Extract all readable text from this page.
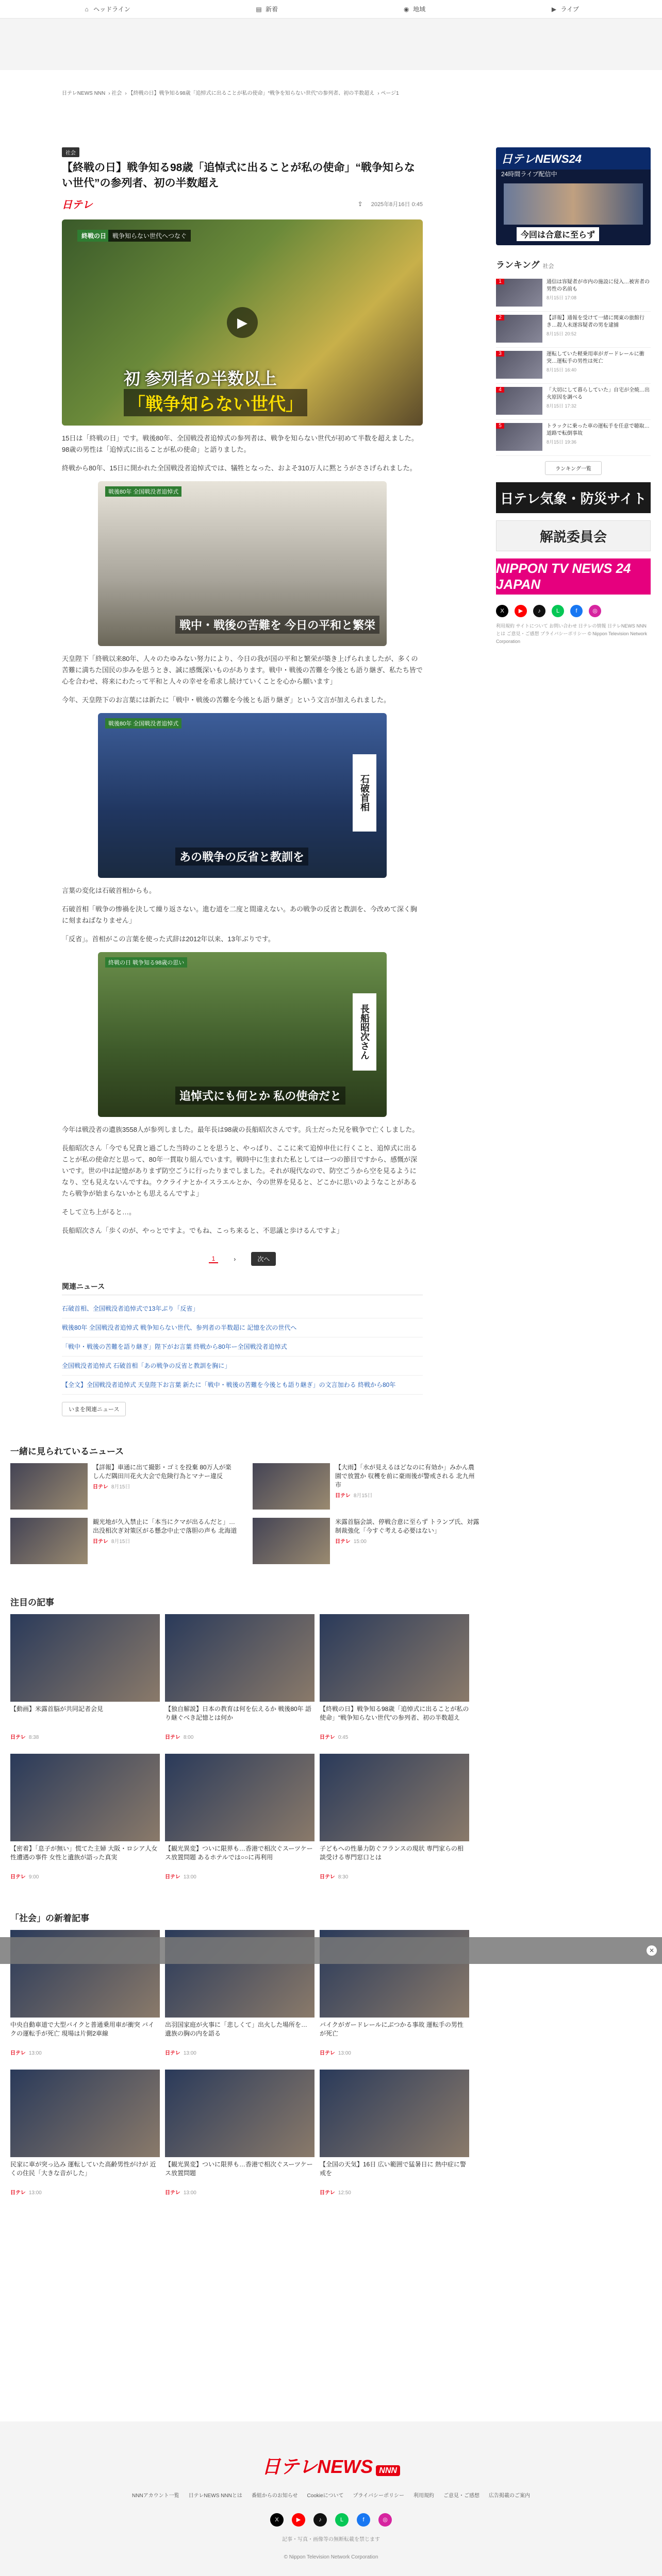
⌂ ヘッドライン	▤ 新着	◉ 地域	▶ ライブ
日テレNEWS NNN › 社会 › 【終戦の日】戦争知る98歳「追悼式に出ることが私の使命」“戦争を知らない世代”の参列者、初の半数超え › ページ1
社会
【終戦の日】戦争知る98歳「追悼式に出ることが私の使命」“戦争知らない世代”の参列者、初の半数超え
日テレ	⇪ 2025年8月16日 0:45
終戦の日 戦争知らない世代へつなぐ
▶
初 参列者の半数以上
「戦争知らない世代」

15日は「終戦の日」です。戦後80年、全国戦没者追悼式の参列者は、戦争を知らない世代が初めて半数を超えました。98歳の男性は「追悼式に出ることが私の使命」と語りました。

終戦から80年、15日に開かれた全国戦没者追悼式では、犠牲となった、およそ310万人に黙とうがささげられました。

戦後80年 全国戦没者追悼式
戦中・戦後の苦難を 今日の平和と繁栄

天皇陛下「終戦以来80年、人々のたゆみない努力により、今日の我が国の平和と繁栄が築き上げられましたが、多くの苦難に満ちた国民の歩みを思うとき、誠に感慨深いものがあります。戦中・戦後の苦難を今後とも語り継ぎ、私たち皆で心を合わせ、将来にわたって平和と人々の幸せを希求し続けていくことを心から願います」

今年、天皇陛下のお言葉には新たに「戦中・戦後の苦難を今後とも語り継ぎ」という文言が加えられました。

戦後80年 全国戦没者追悼式
石破首相
あの戦争の反省と教訓を

言葉の変化は石破首相からも。

石破首相「戦争の惨禍を決して繰り返さない。進む道を二度と間違えない。あの戦争の反省と教訓を、今改めて深く胸に刻まねばなりません」

「反省」。首相がこの言葉を使った式辞は2012年以来、13年ぶりです。

終戦の日 戦争知る98歳の思い
長船昭次さん
追悼式にも何とか 私の使命だと

今年は戦没者の遺族3558人が参列しました。最年長は98歳の長船昭次さんです。兵士だった兄を戦争で亡くしました。

長船昭次さん「今でも兄貴と過ごした当時のことを思うと、やっぱり、ここに来て追悼申仕に行くこと、追悼式に出ることが私の使命だと思って、80年一貫取り組んでいます。戦時中に生まれた私としてはーつの節目ですから、感慨が深いです。世の中は記憶がありまず防空ごうに行ったりまでしました。それが現代なので、防空ごうから空を見るようになり、空も見えないんですね。ウクライナとかイスラエルとか、今の世界を見ると、どこかに思いのようなことがあるたら戦争が始まらないかとも思えるんですよ」

そして立ち上がると…。

長船昭次さん「歩くのが、やっとですよ。でもね、こっち来ると、不思議と歩けるんですよ」

1	›	次へ
関連ニュース
石破首相、全国戦没者追悼式で13年ぶり「反省」
戦後80年 全国戦没者追悼式 戦争知らない世代、参列者の半数超に 記憶を次の世代へ
「戦中・戦後の苦難を語り継ぎ」陛下がお言葉 終戦から80年ー全国戦没者追悼式
全国戦没者追悼式 石破首相「あの戦争の反省と教訓を胸に」
【全文】全国戦没者追悼式 天皇陛下お言葉 新たに「戦中・戦後の苦難を今後とも語り継ぎ」の文言加わる 終戦から80年
いまを関連ニュース
日テレNEWS24
24時間ライブ配信中
今回は合意に至らず
ランキング 社会
1	通信は容疑者が市内の施設に侵入…被害者の男性の名前も
8月15日 17:08
2	【詳報】通報を受けて一緒に関東の旅館行き…殺人未遂容疑者の男を逮捕
8月15日 20:52
3	運転していた軽乗用車がガードレールに衝突…運転手の男性は死亡
8月15日 16:40
4	「大切にして暮らしていた」自宅が全焼…出火原因を調べる
8月15日 17:32
5	トラックに乗った車の運転手を任意で聴取…道路で転倒事故
8月15日 19:36
ランキング一覧
日テレ気象・防災サイト
解説委員会
NIPPON TV NEWS 24 JAPAN
X	▶	♪	L	f	◎
利用規約 サイトについて お問い合わせ 日テレの情報 日テレNEWS NNNとは ご意見・ご感想 プライバシーポリシー © Nippon Television Network Corporation
一緒に見られているニュース
【詳報】車通に出て撮影・ゴミを投棄 80万人が楽しんだ隅田川花火大会で危険行為とマナー違反
日テレ 8月15日
【大雨】「水が見えるほどなのに有効か」みかん農園で放置か 収穫を前に豪雨後が警戒される 北九州市
日テレ 8月15日
観光地が久入禁止に「本当にクマが出るんだと」…出没相次ぎ対策区がる懸念中止で落胆の声も 北海道
日テレ 8月15日
米露首脳会談、停戦合意に至らず トランプ氏、対露制裁強化「今すぐ考える必要はない」
日テレ 15:00
注目の記事
【動画】米露首脳が共同記者会見
日テレ 8:38
【独自解説】日本の教育は何を伝えるか 戦後80年 語り継ぐべき記憶とは何か
日テレ 8:00
【終戦の日】戦争知る98歳「追悼式に出ることが私の使命」“戦争知らない世代”の参列者、初の半数超え
日テレ 0:45
【密着】「息子が無い」慌てた主婦 大阪・ロシア人女性遭遇の事件 女性と遺族が語った真実
日テレ 9:00
【観光異変】ついに限界も…香港で相次ぐスーツケース放置問題 あるホテルでは○○に再利用
日テレ 13:00
子どもへの性暴力防ぐフランスの現状 専門家らの相談受ける専門窓口とは
日テレ 8:30
「社会」の新着記事
中央自動車道で大型バイクと普通乗用車が衝突 バイクの運転手が死亡 現場は片側2車線
日テレ 13:00
出羽国家庭が火事に「悲しくて」出火した場所を… 遺族の胸の内を語る
日テレ 13:00
バイクがガードレールにぶつかる事故 運転手の男性が死亡
日テレ 13:00
民家に車が突っ込み 運転していた高齢男性がけが 近くの住民「大きな音がした」
日テレ 13:00
【観光異変】ついに限界も…香港で相次ぐスーツケース放置問題
日テレ 13:00
【全国の天気】16日 広い範囲で猛暑日に 熱中症に警戒を
日テレ 12:50
✕
日テレNEWS NNN
NNNアカウント一覧 日テレNEWS NNNとは 番組からのお知らせ Cookieについて プライバシーポリシー 利用規約 ご意見・ご感想 広告掲載のご案内
X	▶	♪	L	f	◎
記事・写真・画像等の無断転載を禁じます
© Nippon Television Network Corporation
